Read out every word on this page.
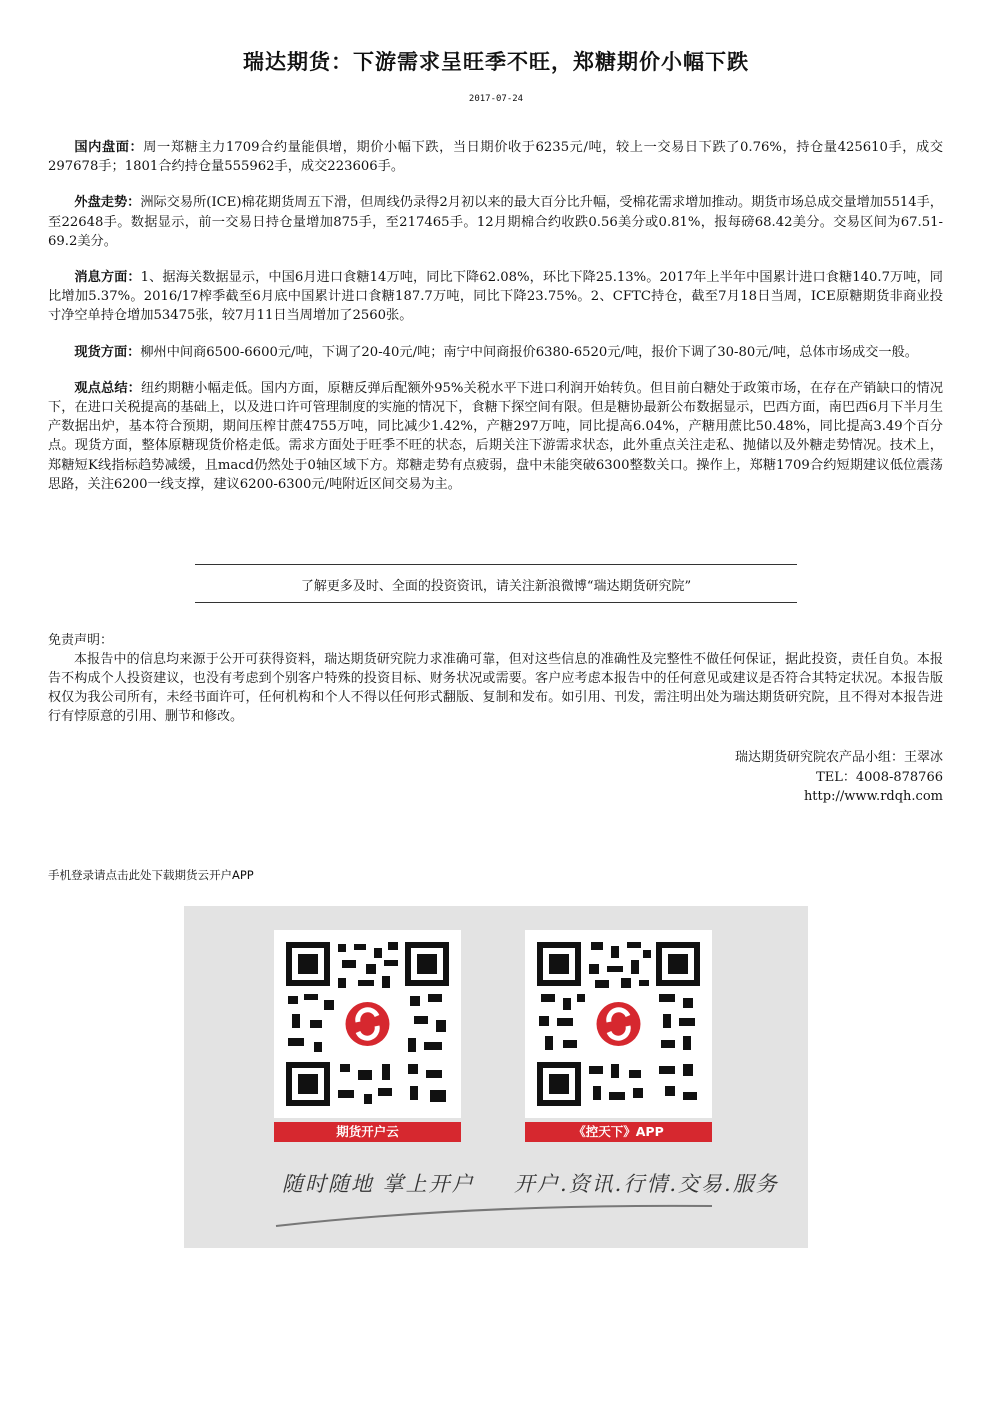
瑞达期货：下游需求呈旺季不旺，郑糖期价小幅下跌
2017-07-24

国内盘面：周一郑糖主力1709合约量能俱增，期价小幅下跌，当日期价收于6235元/吨，较上一交易日下跌了0.76%，持仓量425610手，成交297678手；1801合约持仓量555962手，成交223606手。

外盘走势：洲际交易所(ICE)棉花期货周五下滑，但周线仍录得2月初以来的最大百分比升幅，受棉花需求增加推动。期货市场总成交量增加5514手，至22648手。数据显示，前一交易日持仓量增加875手，至217465手。12月期棉合约收跌0.56美分或0.81%，报每磅68.42美分。交易区间为67.51-69.2美分。

消息方面：1、据海关数据显示，中国6月进口食糖14万吨，同比下降62.08%，环比下降25.13%。2017年上半年中国累计进口食糖140.7万吨，同比增加5.37%。2016/17榨季截至6月底中国累计进口食糖187.7万吨，同比下降23.75%。2、CFTC持仓，截至7月18日当周，ICE原糖期货非商业投寸净空单持仓增加53475张，较7月11日当周增加了2560张。

现货方面：柳州中间商6500-6600元/吨，下调了20-40元/吨；南宁中间商报价6380-6520元/吨，报价下调了30-80元/吨，总体市场成交一般。

观点总结：纽约期糖小幅走低。国内方面，原糖反弹后配额外95%关税水平下进口利润开始转负。但目前白糖处于政策市场，在存在产销缺口的情况下，在进口关税提高的基础上，以及进口许可管理制度的实施的情况下，食糖下探空间有限。但是糖协最新公布数据显示，巴西方面，南巴西6月下半月生产数据出炉，基本符合预期，期间压榨甘蔗4755万吨，同比减少1.42%，产糖297万吨，同比提高6.04%，产糖用蔗比50.48%，同比提高3.49个百分点。现货方面，整体原糖现货价格走低。需求方面处于旺季不旺的状态，后期关注下游需求状态，此外重点关注走私、抛储以及外糖走势情况。技术上，郑糖短K线指标趋势减缓，且macd仍然处于0轴区域下方。郑糖走势有点疲弱，盘中未能突破6300整数关口。操作上，郑糖1709合约短期建议低位震荡思路，关注6200一线支撑，建议6200-6300元/吨附近区间交易为主。

了解更多及时、全面的投资资讯，请关注新浪微博“瑞达期货研究院”
免责声明：

本报告中的信息均来源于公开可获得资料，瑞达期货研究院力求准确可靠，但对这些信息的准确性及完整性不做任何保证，据此投资，责任自负。本报告不构成个人投资建议，也没有考虑到个别客户特殊的投资目标、财务状况或需要。客户应考虑本报告中的任何意见或建议是否符合其特定状况。本报告版权仅为我公司所有，未经书面许可，任何机构和个人不得以任何形式翻版、复制和发布。如引用、刊发，需注明出处为瑞达期货研究院，且不得对本报告进行有悖原意的引用、删节和修改。

瑞达期货研究院农产品小组：王翠冰
TEL：4008-878766
http://www.rdqh.com
手机登录请点击此处下载期货云开户APP
期货开户云	《控天下》APP
随时随地 掌上开户 开户.资讯.行情.交易.服务
